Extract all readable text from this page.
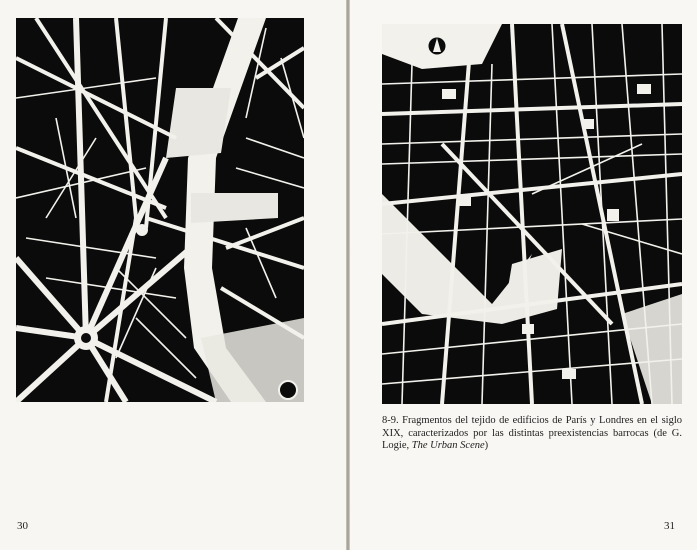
8-9. Fragmentos del tejido de edificios de París y Londres en el siglo XIX, caracterizados por las distintas preexistencias barrocas (de G. Logie, The Urban Scene)
30	31
